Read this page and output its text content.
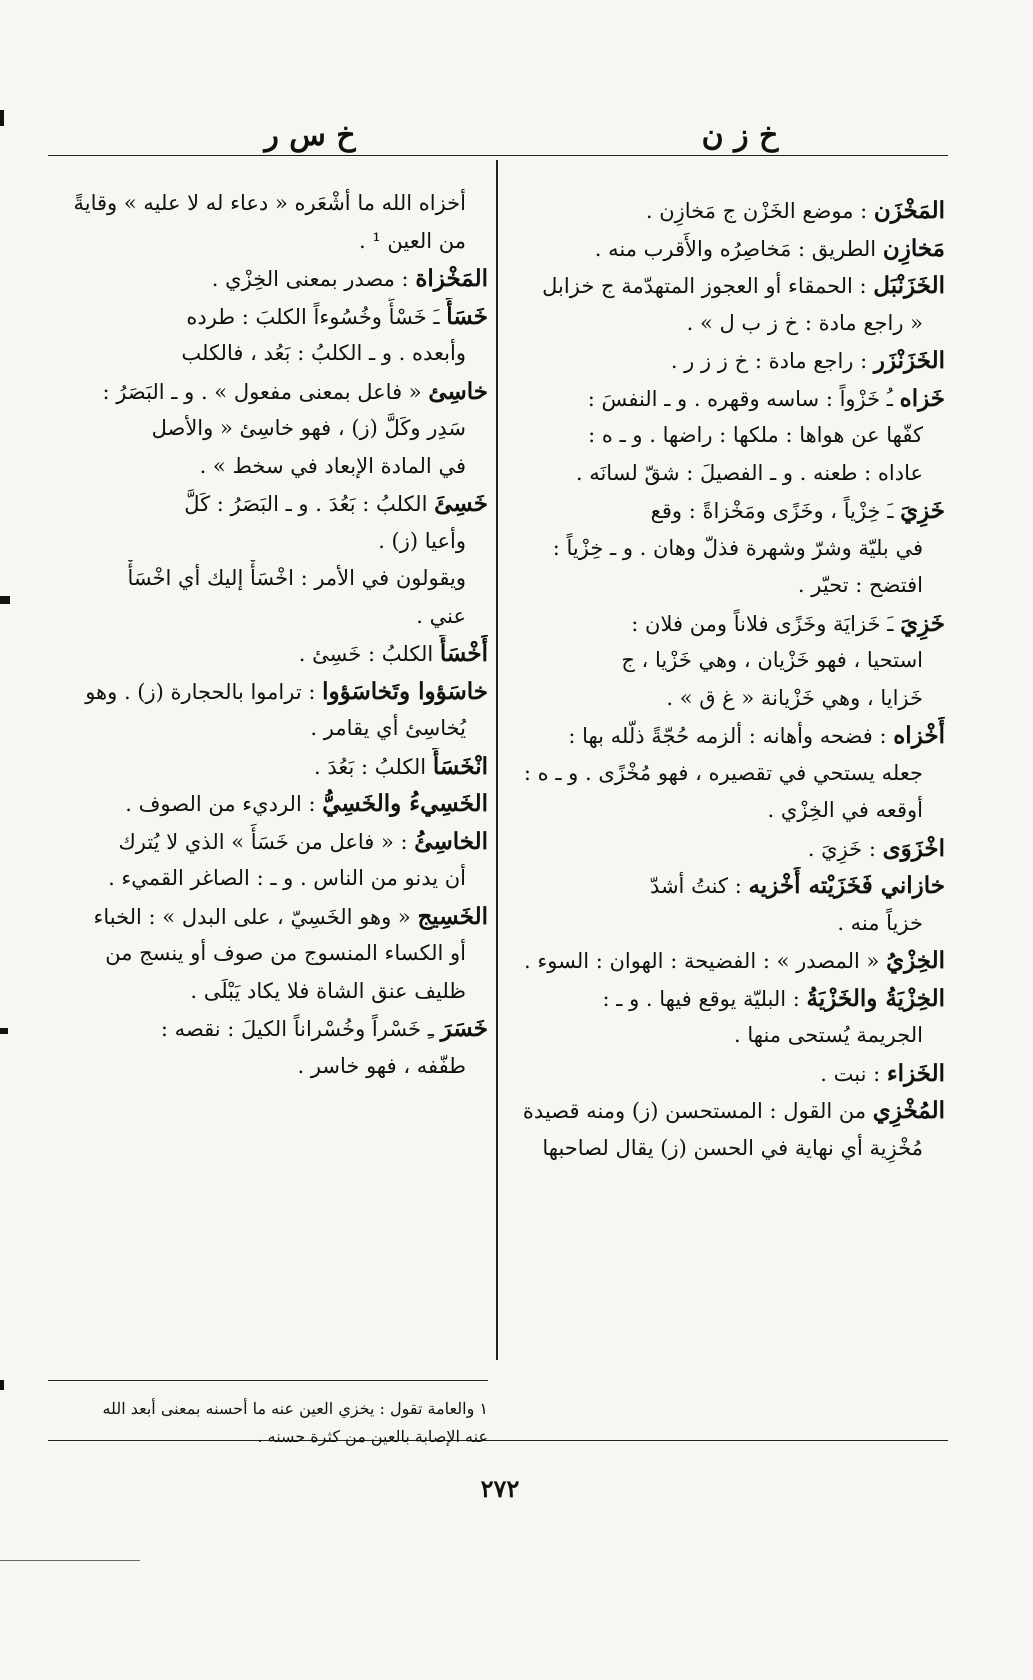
خ ز ن
خ س ر
المَخْزَن : موضع الخَزْن ج مَخازِن .
مَخازِن الطريق : مَخاصِرُه والأَقرب منه .
الخَزَنْبَل : الحمقاء أو العجوز المتهدّمة ج خزابل
« راجع مادة : خ ز ب ل » .
الخَزَنْزَر : راجع مادة : خ ز ز ر .
خَزاه ـُ خَزْواً : ساسه وقهره . و ـ النفسَ :
كفّها عن هواها : ملكها : راضها . و ـ ه :
عاداه : طعنه . و ـ الفصيلَ : شقّ لسانَه .
خَزِيَ ـَ خِزْياً ، وخَزًى ومَخْزاةً : وقع
في بليّة وشرّ وشهرة فذلّ وهان . و ـ خِزْياً :
افتضح : تحيّر .
خَزِيَ ـَ خَزايَة وخَزًى فلاناً ومن فلان :
استحيا ، فهو خَزْيان ، وهي خَزْيا ، ج
خَزايا ، وهي خَزْيانة « غ ق » .
أَخْزاه : فضحه وأهانه : ألزمه حُجّةً ذلّله بها :
جعله يستحي في تقصيره ، فهو مُخْزًى . و ـ ه :
أوقعه في الخِزْي .
اخْزَوَى : خَزِيَ .
خازاني فَخَزَيْته أَخْزيه : كنتُ أشدّ
خزياً منه .
الخِزْيُ « المصدر » : الفضيحة : الهوان : السوء .
الخِزْيَةُ والخَزْيَةُ : البليّة يوقع فيها . و ـ :
الجريمة يُستحى منها .
الخَزاء : نبت .
المُخْزِي من القول : المستحسن (ز) ومنه قصيدة
مُخْزِية أي نهاية في الحسن (ز) يقال لصاحبها
أخزاه الله ما أشْعَره « دعاء له لا عليه » وقايةً
من العين ¹ .
المَخْزاة : مصدر بمعنى الخِزْي .
خَسَأَ ـَ خَسْأً وخُسُوءاً الكلبَ : طرده
وأبعده . و ـ الكلبُ : بَعُد ، فالكلب
خاسِئ « فاعل بمعنى مفعول » . و ـ البَصَرُ :
سَدِر وكَلَّ (ز) ، فهو خاسِئ « والأصل
في المادة الإبعاد في سخط » .
خَسِئَ الكلبُ : بَعُدَ . و ـ البَصَرُ : كَلَّ
وأعيا (ز) .
ويقولون في الأمر : اخْسَأْ إليك أي اخْسَأْ
عني .
أَخْسَأَ الكلبُ : خَسِئ .
خاسَؤوا وتَخاسَؤوا : تراموا بالحجارة (ز) . وهو
يُخاسِئ أي يقامر .
انْخَسَأَ الكلبُ : بَعُدَ .
الخَسِيءُ والخَسِيُّ : الرديء من الصوف .
الخاسِئُ : « فاعل من خَسَأَ » الذي لا يُترك
أن يدنو من الناس . و ـ : الصاغر القميء .
الخَسِيج « وهو الخَسِيّ ، على البدل » : الخباء
أو الكساء المنسوج من صوف أو ينسج من
ظليف عنق الشاة فلا يكاد يَبْلَى .
خَسَرَ ـِ خَسْراً وخُسْراناً الكيلَ : نقصه :
طفّفه ، فهو خاسر .
١ والعامة تقول : يخزي العين عنه ما أحسنه بمعنى أبعد الله
عنه الإصابة بالعين من كثرة حسنه .
٢٧٢
